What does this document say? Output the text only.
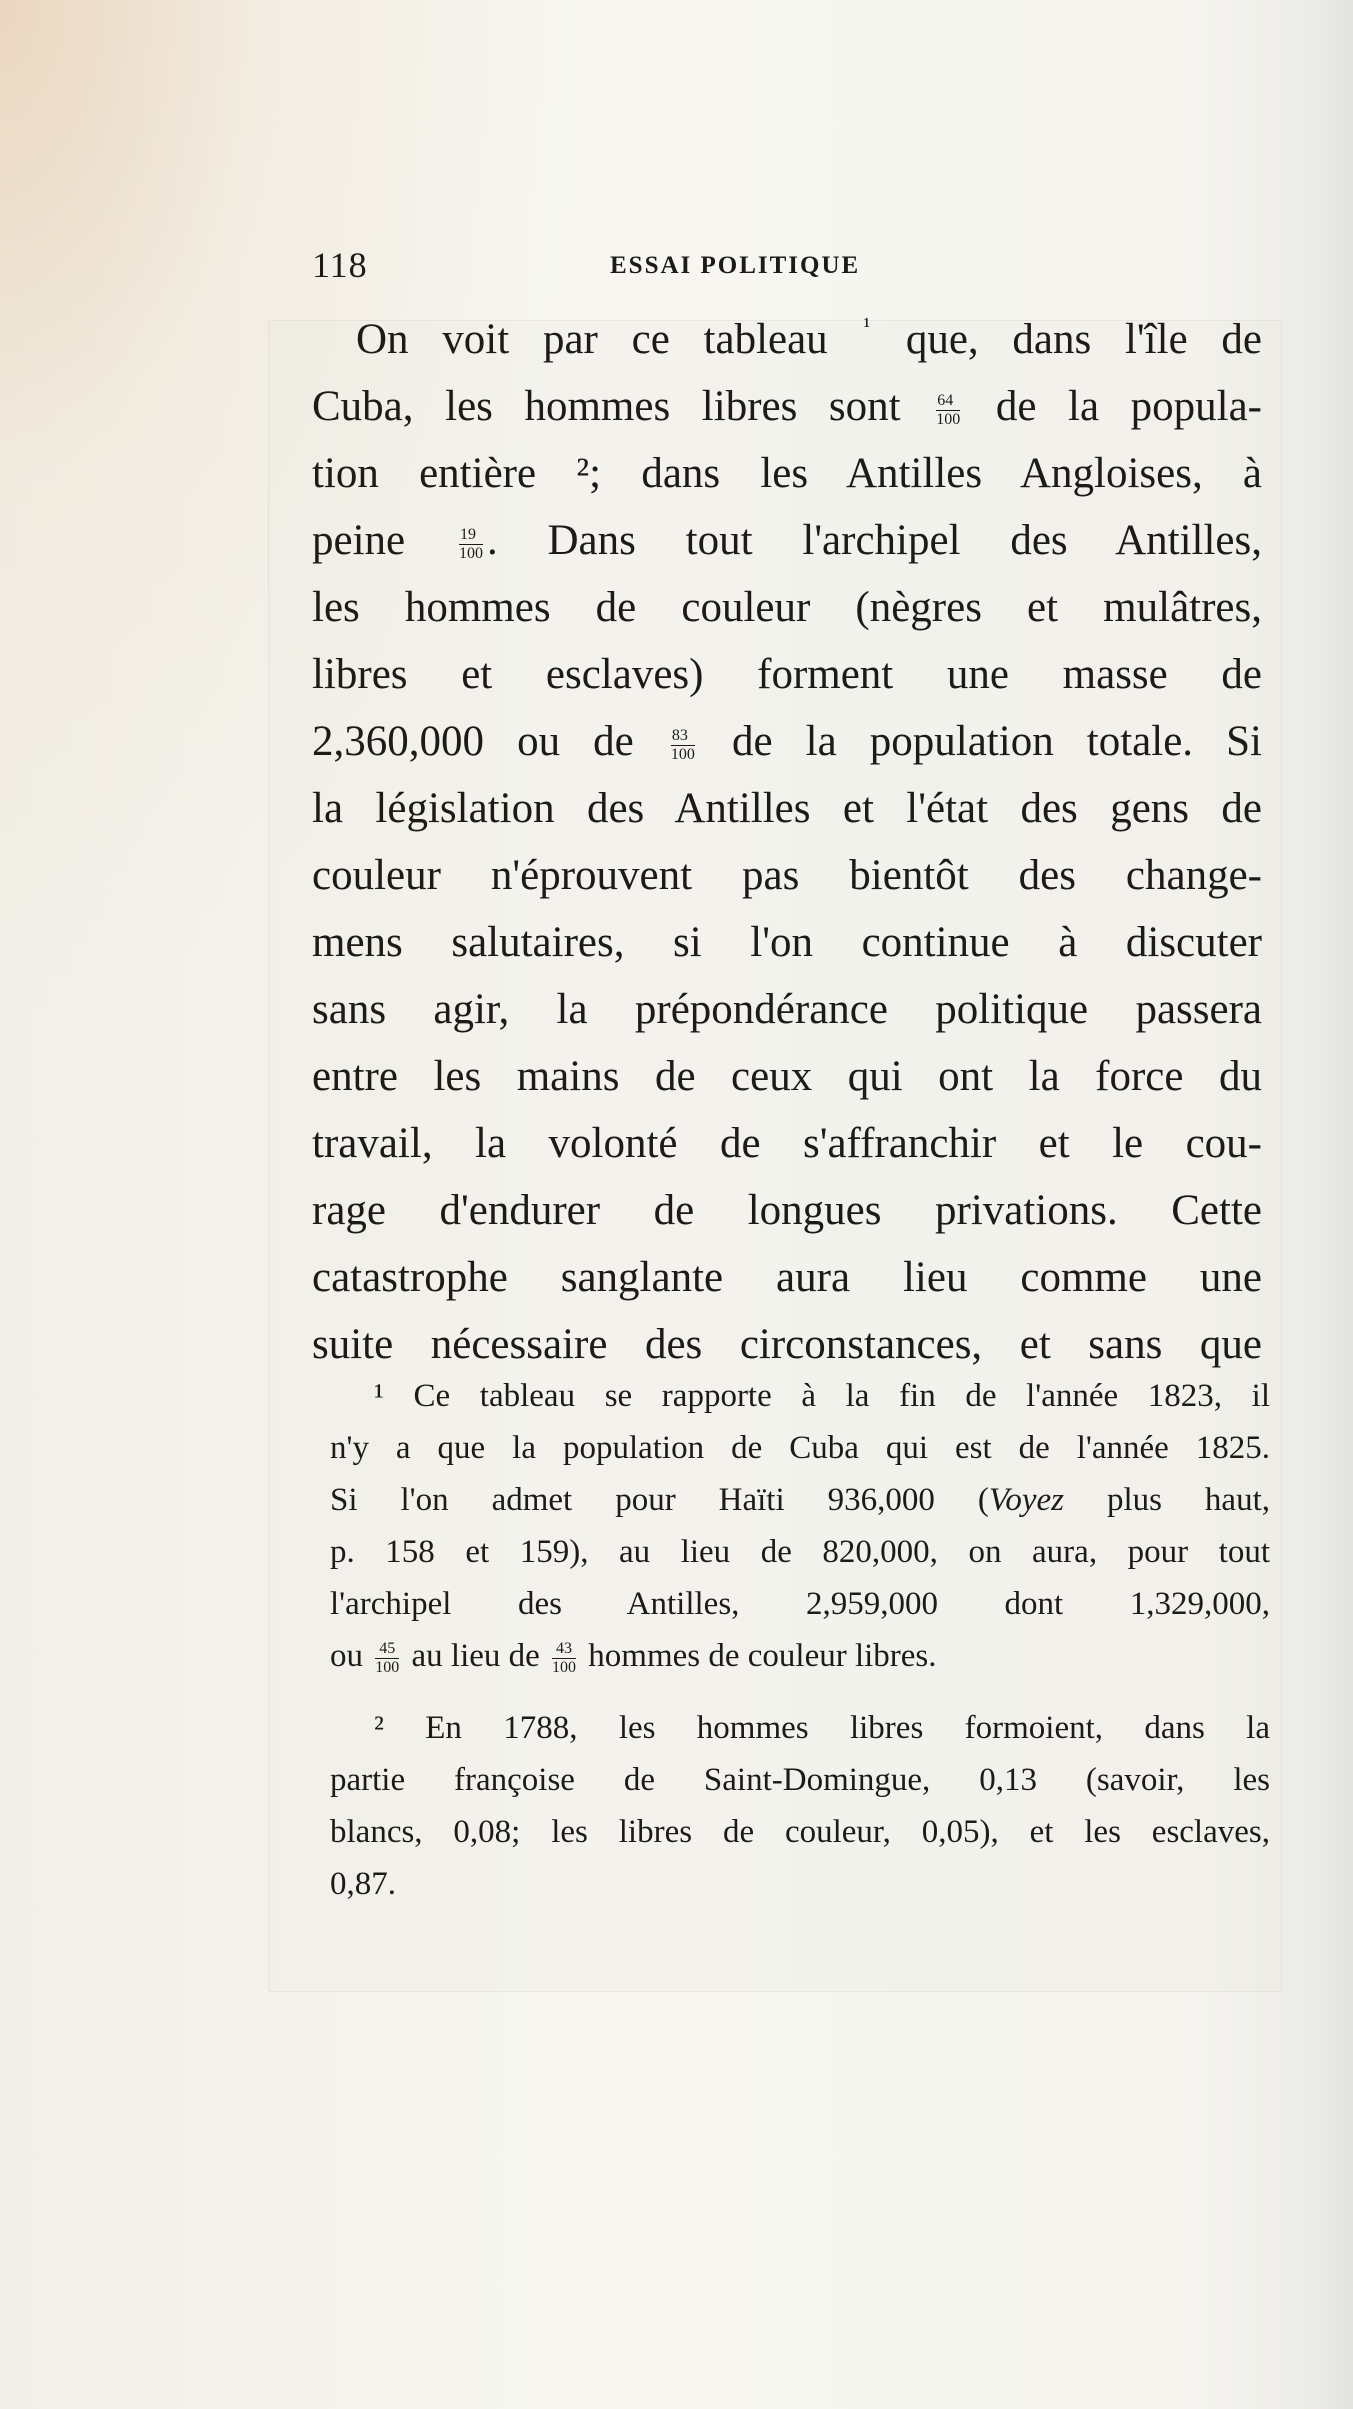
118	ESSAI POLITIQUE
On voit par ce tableau $^{^1}$ que, dans l'île de
Cuba, les hommes libres sont $\frac{64}{100}$ de la popula-
tion entière ²; dans les Antilles Angloises, à
peine	$\frac{19}{100}$ . Dans tout l'archipel des Antilles,
les hommes de couleur (nègres et mulâtres,
libres et esclaves) forment une masse de
2,360,000 ou de $\frac{83}{100}$ de la population totale. Si
la législation des Antilles et l'état des gens de
couleur n'éprouvent pas bientôt des change-
mens salutaires, si l'on continue à discuter
sans agir, la prépondérance politique passera
entre les mains de ceux qui ont la force du
travail, la volonté de s'affranchir et le cou-
rage d'endurer de longues privations. Cette
catastrophe sanglante aura lieu comme une
suite nécessaire des circonstances, et sans que
¹ Ce tableau se rapporte à la fin de l'année 1823, il
n'y a que la population de Cuba qui est de l'année 1825.
Si l'on admet pour Haïti 936,000 (Voyez plus haut,
p. 158 et 159), au lieu de 820,000, on aura, pour tout
l'archipel des Antilles, 2,959,000 dont 1,329,000,
ou $\frac{45}{100}$ au lieu de $\frac{43}{100}$ hommes de couleur libres.
² En 1788, les hommes libres formoient, dans la
partie françoise de Saint-Domingue, 0,13 (savoir, les
blancs, 0,08; les libres de couleur, 0,05), et les esclaves,
0,87.
